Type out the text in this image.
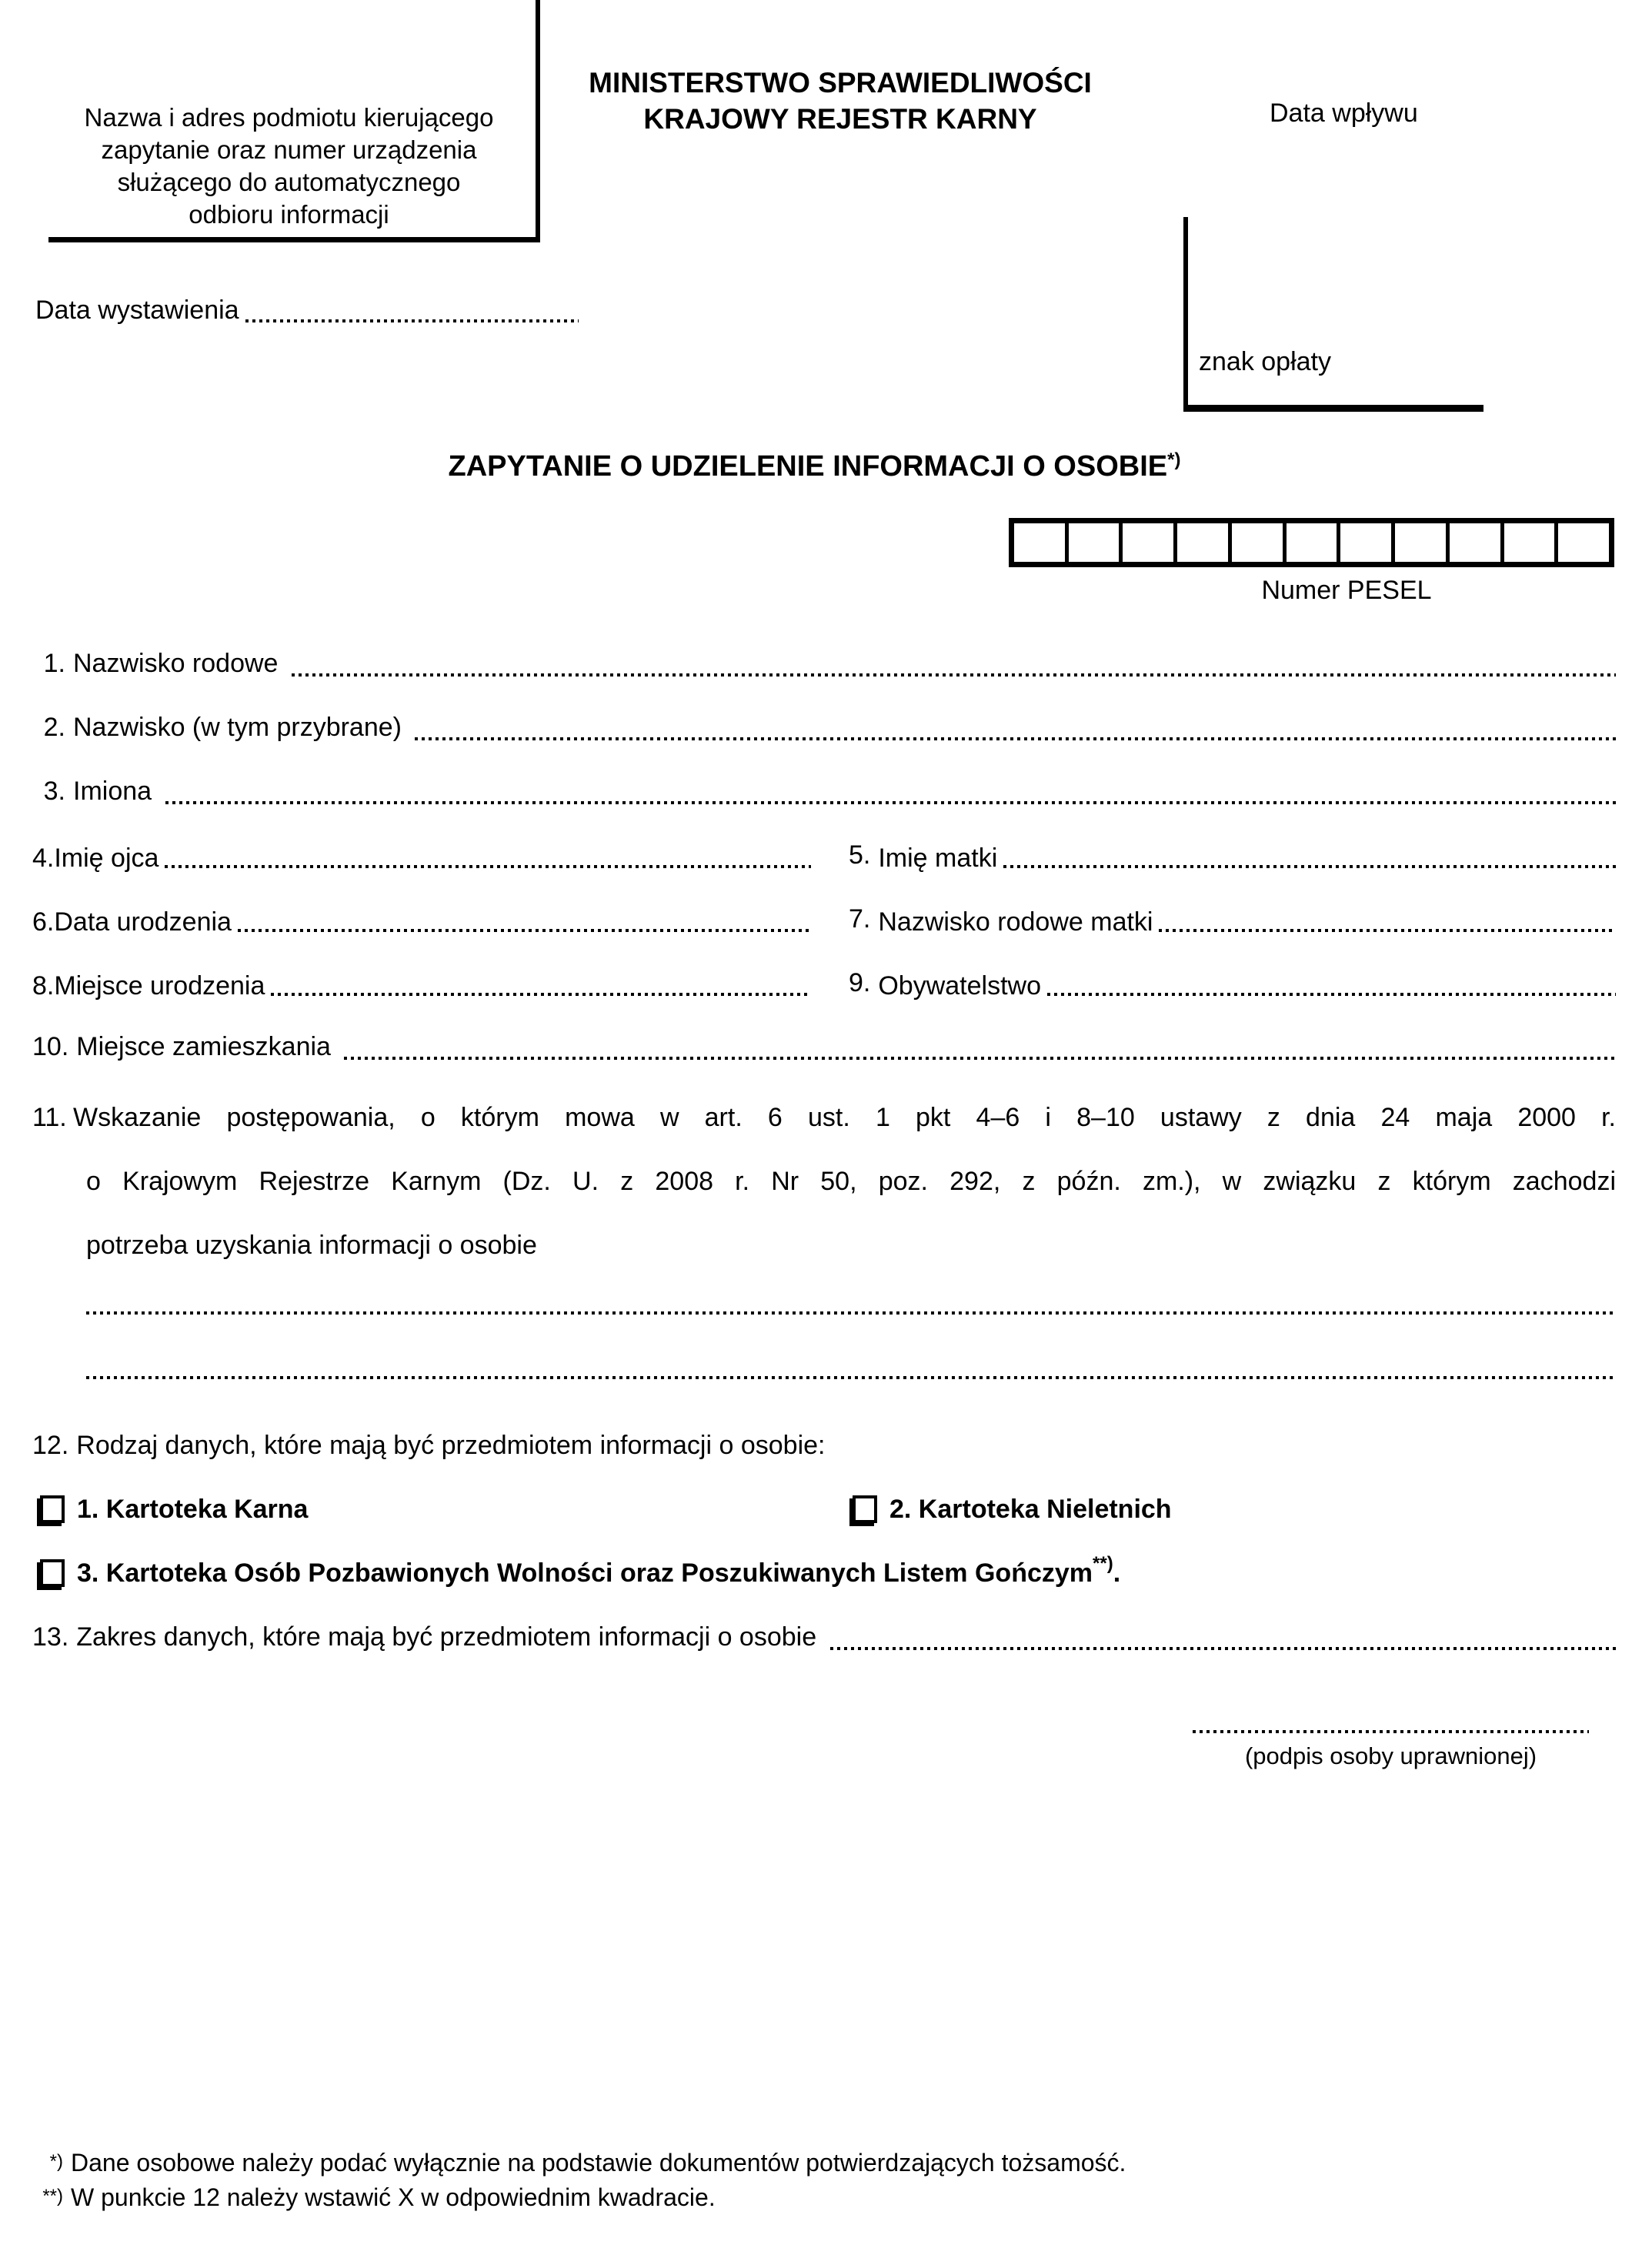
Nazwa i adres podmiotu kierującego
zapytanie oraz numer urządzenia
służącego do automatycznego
odbioru informacji
MINISTERSTWO SPRAWIEDLIWOŚCI
KRAJOWY REJESTR KARNY	Data wpływu
znak opłaty
Data wystawienia
ZAPYTANIE O UDZIELENIE INFORMACJI O OSOBIE*)
Numer PESEL
1. Nazwisko rodowe
2. Nazwisko (w tym przybrane)
3. Imiona
4. Imię ojca	5. Imię matki
6. Data urodzenia	7. Nazwisko rodowe matki
8. Miejsce urodzenia	9. Obywatelstwo
10. Miejsce zamieszkania
11. Wskazanie postępowania, o którym mowa w art. 6 ust. 1 pkt 4–6 i 8–10 ustawy z dnia 24 maja 2000 r.
o Krajowym Rejestrze Karnym (Dz. U. z 2008 r. Nr 50, poz. 292, z późn. zm.), w związku z którym zachodzi
potrzeba uzyskania informacji o osobie
12. Rodzaj danych, które mają być przedmiotem informacji o osobie:
1. Kartoteka Karna	2. Kartoteka Nieletnich
3. Kartoteka Osób Pozbawionych Wolności oraz Poszukiwanych Listem Gończym **) .
13. Zakres danych, które mają być przedmiotem informacji o osobie
(podpis osoby uprawnionej)
*) Dane osobowe należy podać wyłącznie na podstawie dokumentów potwierdzających tożsamość.
**) W punkcie 12 należy wstawić X w odpowiednim kwadracie.
